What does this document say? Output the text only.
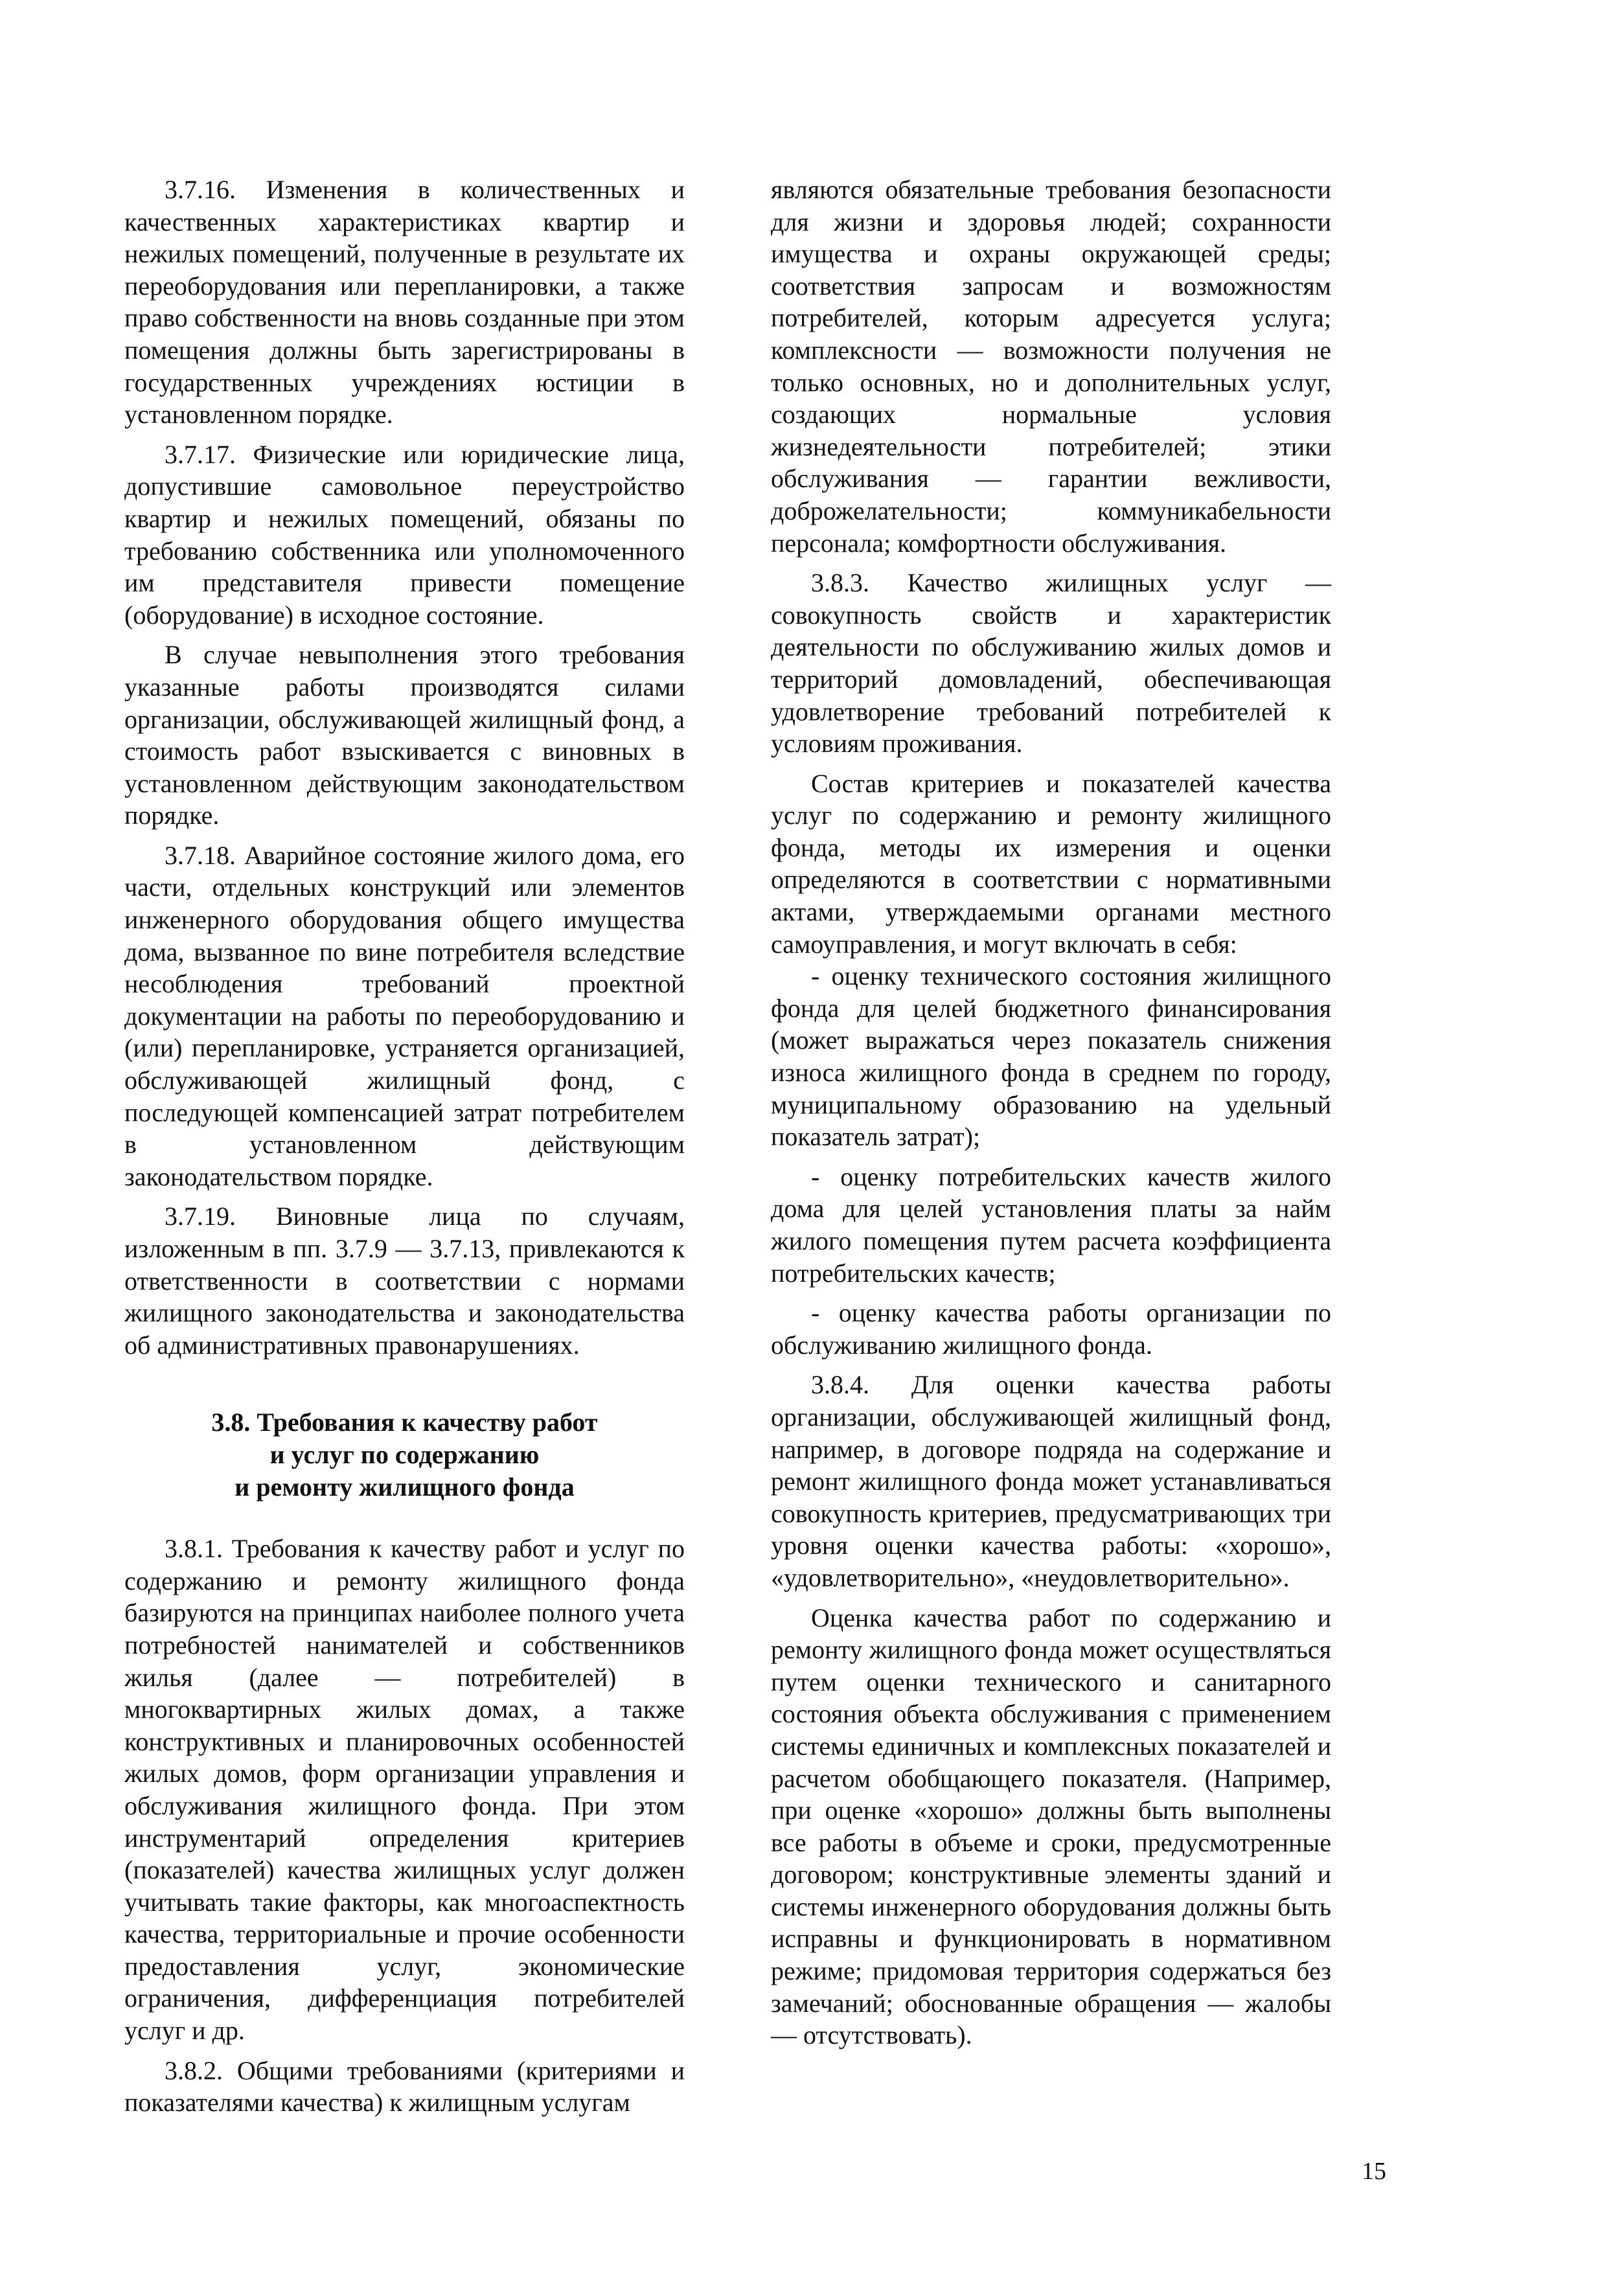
3.7.16. Изменения в количественных и качественных характеристиках квартир и нежилых помещений, полученные в результате их переоборудования или перепланировки, а также право собственности на вновь созданные при этом помещения должны быть зарегистрированы в государственных учреждениях юстиции в установленном порядке.

3.7.17. Физические или юридические лица, допустившие самовольное переустройство квартир и нежилых помещений, обязаны по требованию собственника или уполномоченного им представителя привести помещение (оборудование) в исходное состояние.

В случае невыполнения этого требования указанные работы производятся силами организации, обслуживающей жилищный фонд, а стоимость работ взыскивается с виновных в установленном действующим законодательством порядке.

3.7.18. Аварийное состояние жилого дома, его части, отдельных конструкций или элементов инженерного оборудования общего имущества дома, вызванное по вине потребителя вследствие несоблюдения требований проектной документации на работы по переоборудованию и (или) перепланировке, устраняется организацией, обслуживающей жилищный фонд, с последующей компенсацией затрат потребителем в установленном действующим законодательством порядке.

3.7.19. Виновные лица по случаям, изложенным в пп. 3.7.9 — 3.7.13, привлекаются к ответственности в соответствии с нормами жилищного законодательства и законодательства об административных правонарушениях.

3.8. Требования к качеству работ
и услуг по содержанию
и ремонту жилищного фонда

3.8.1. Требования к качеству работ и услуг по содержанию и ремонту жилищного фонда базируются на принципах наиболее полного учета потребностей нанимателей и собственников жилья (далее — потребителей) в многоквартирных жилых домах, а также конструктивных и планировочных особенностей жилых домов, форм организации управления и обслуживания жилищного фонда. При этом инструментарий определения критериев (показателей) качества жилищных услуг должен учитывать такие факторы, как многоаспектность качества, территориальные и прочие особенности предоставления услуг, экономические ограничения, дифференциация потребителей услуг и др.

3.8.2. Общими требованиями (критериями и показателями качества) к жилищным услугам

являются обязательные требования безопасности для жизни и здоровья людей; сохранности имущества и охраны окружающей среды; соответствия запросам и возможностям потребителей, которым адресуется услуга; комплексности — возможности получения не только основных, но и дополнительных услуг, создающих нормальные условия жизнедеятельности потребителей; этики обслуживания — гарантии вежливости, доброжелательности; коммуникабельности персонала; комфортности обслуживания.

3.8.3. Качество жилищных услуг — совокупность свойств и характеристик деятельности по обслуживанию жилых домов и территорий домовладений, обеспечивающая удовлетворение требований потребителей к условиям проживания.

Состав критериев и показателей качества услуг по содержанию и ремонту жилищного фонда, методы их измерения и оценки определяются в соответствии с нормативными актами, утверждаемыми органами местного самоуправления, и могут включать в себя:

- оценку технического состояния жилищного фонда для целей бюджетного финансирования (может выражаться через показатель снижения износа жилищного фонда в среднем по городу, муниципальному образованию на удельный показатель затрат);

- оценку потребительских качеств жилого дома для целей установления платы за найм жилого помещения путем расчета коэффициента потребительских качеств;

- оценку качества работы организации по обслуживанию жилищного фонда.

3.8.4. Для оценки качества работы организации, обслуживающей жилищный фонд, например, в договоре подряда на содержание и ремонт жилищного фонда может устанавливаться совокупность критериев, предусматривающих три уровня оценки качества работы: «хорошо», «удовлетворительно», «неудовлетворительно».

Оценка качества работ по содержанию и ремонту жилищного фонда может осуществляться путем оценки технического и санитарного состояния объекта обслуживания с применением системы единичных и комплексных показателей и расчетом обобщающего показателя. (Например, при оценке «хорошо» должны быть выполнены все работы в объеме и сроки, предусмотренные договором; конструктивные элементы зданий и системы инженерного оборудования должны быть исправны и функционировать в нормативном режиме; придомовая территория содержаться без замечаний; обоснованные обращения — жалобы — отсутствовать).

15
